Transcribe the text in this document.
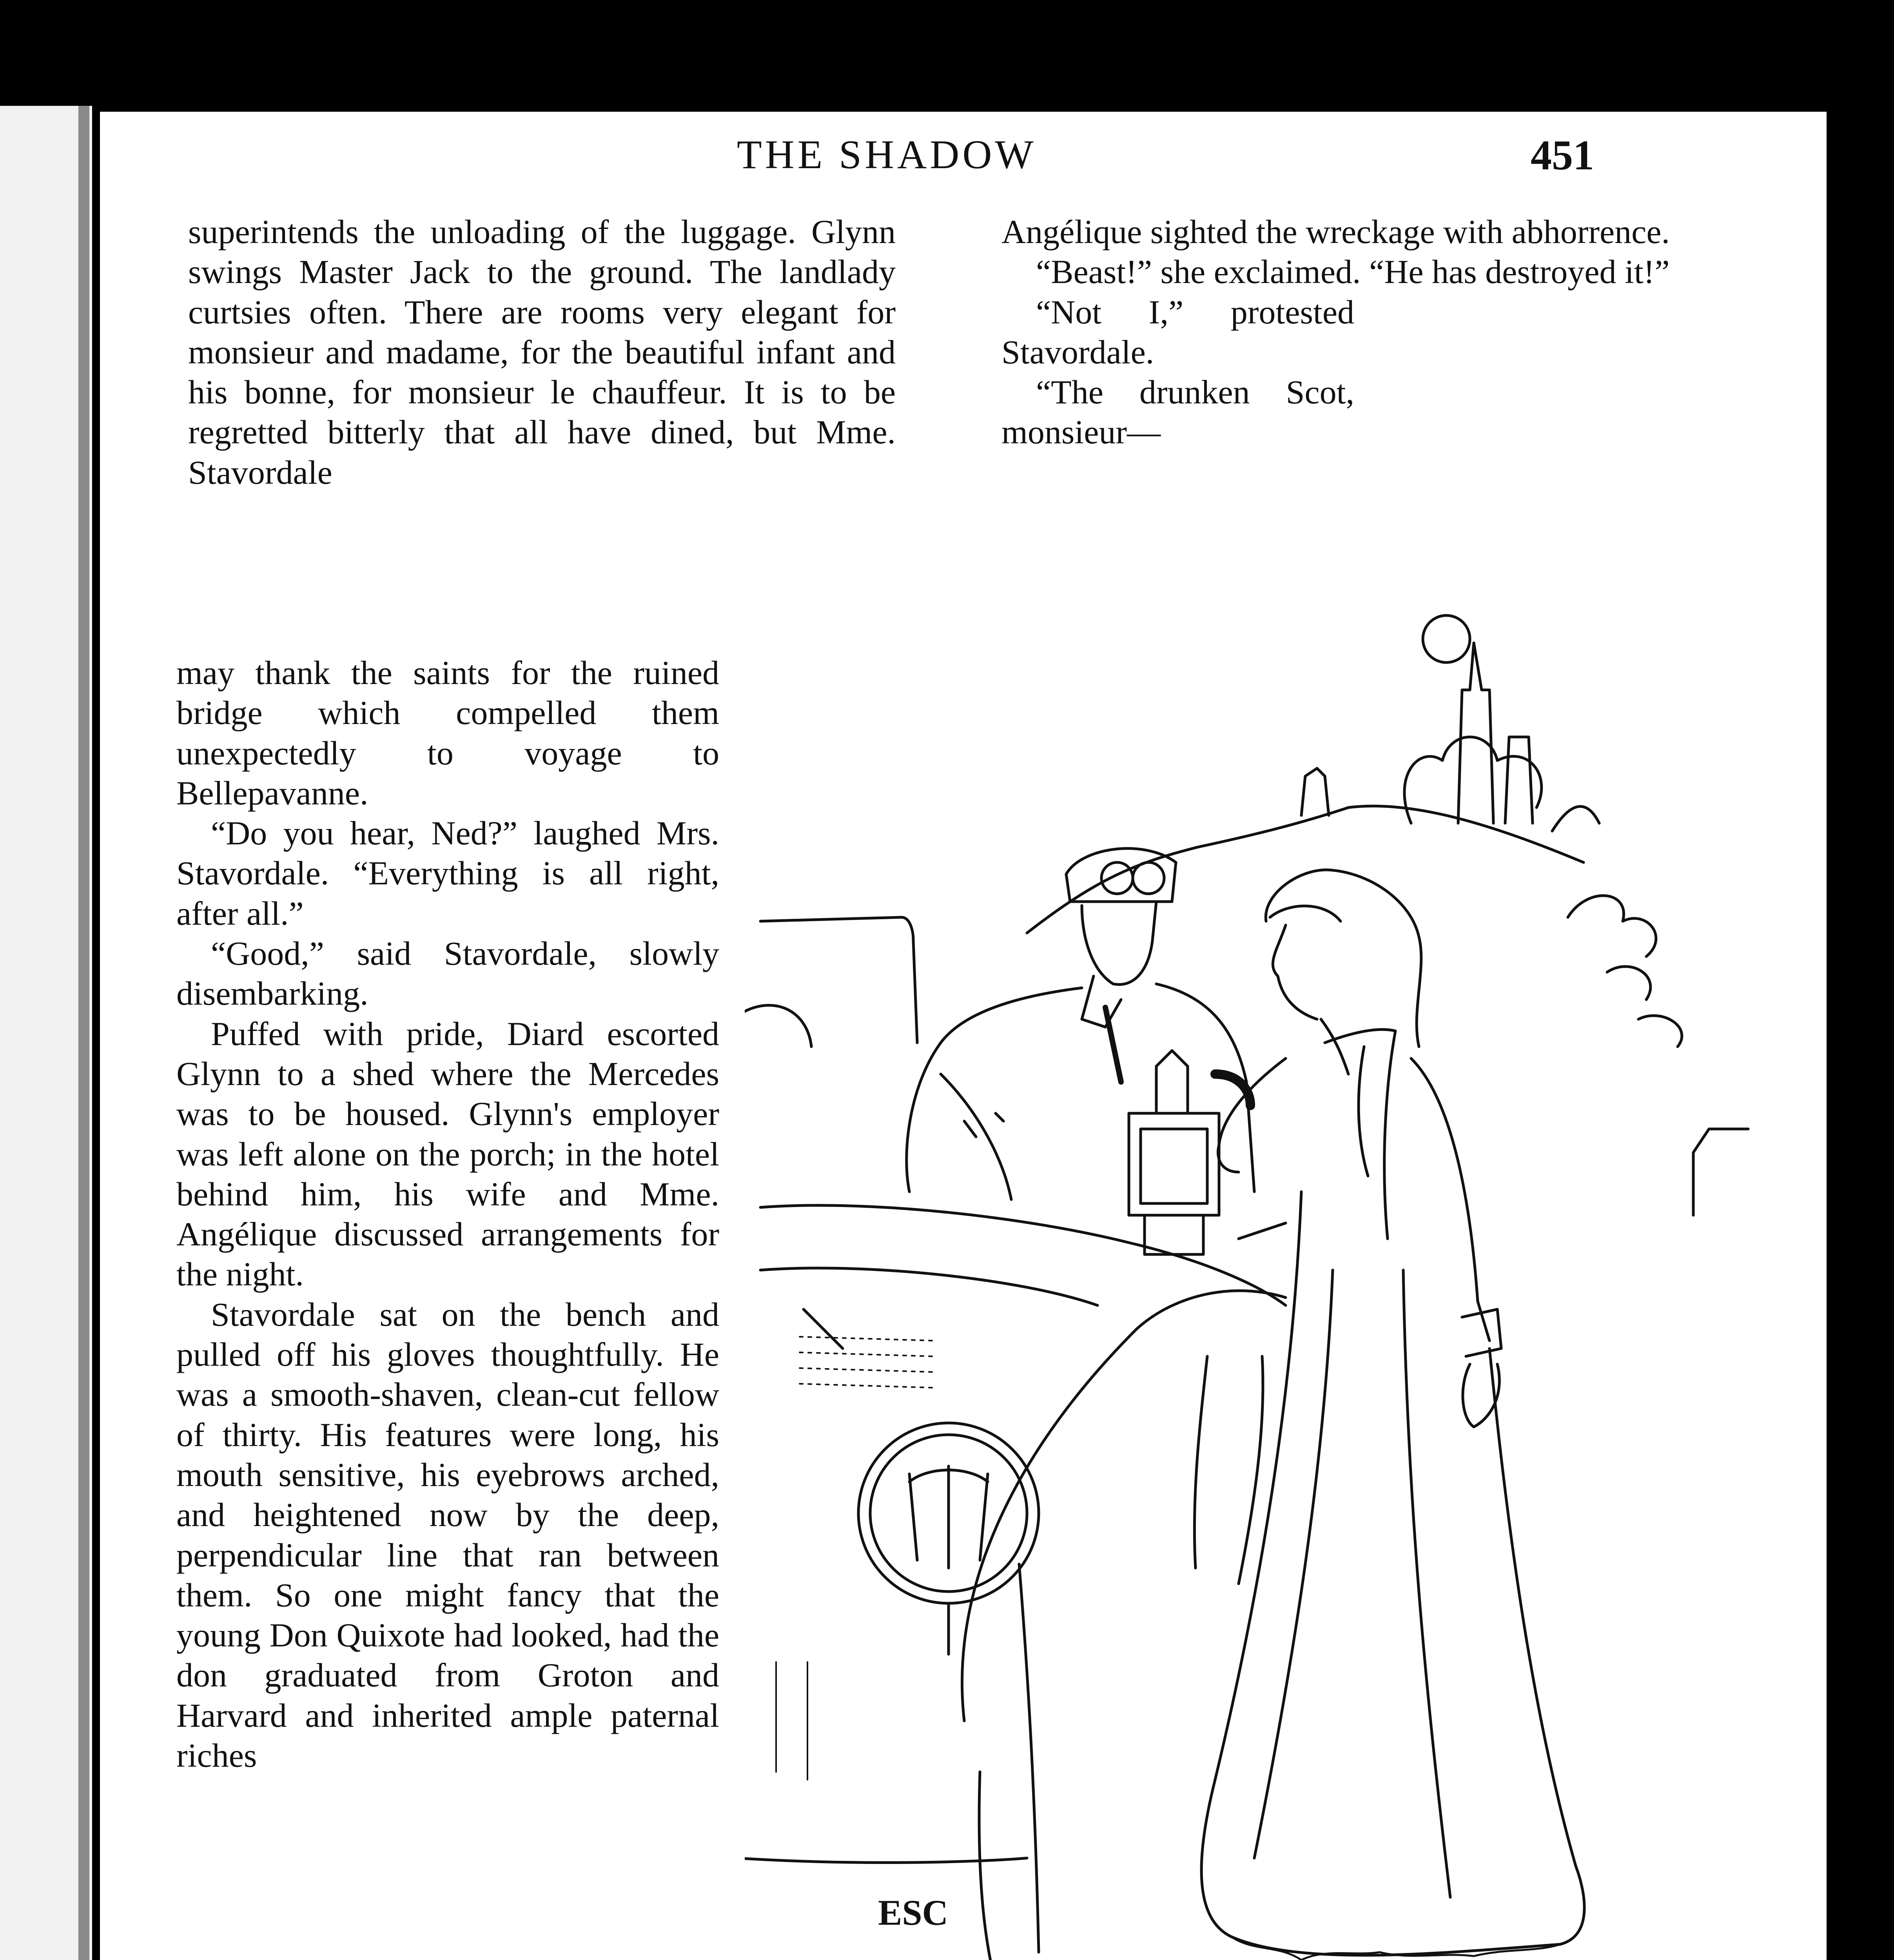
THE SHADOW	451

superintends the unloading of the luggage. Glynn swings Master Jack to the ground. The landlady curtsies often. There are rooms very elegant for monsieur and madame, for the beautiful infant and his bonne, for monsieur le chauffeur. It is to be regretted bitterly that all have dined, but Mme. Stavordale

may thank the saints for the ruined bridge which compelled them unexpectedly to voyage to Bellepavanne.

“Do you hear, Ned?” laughed Mrs. Stavordale. “Everything is all right, after all.”

“Good,” said Stavordale, slowly disembarking.

Puffed with pride, Diard escorted Glynn to a shed where the Mercedes was to be housed. Glynn's employer was left alone on the porch; in the hotel behind him, his wife and Mme. Angélique discussed arrangements for the night.

Stavordale sat on the bench and pulled off his gloves thoughtfully. He was a smooth-shaven, clean-cut fellow of thirty. His features were long, his mouth sensitive, his eyebrows arched, and heightened now by the deep, perpendicular line that ran between them. So one might fancy that the young Don Quixote had looked, had the don graduated from Groton and Harvard and inherited ample paternal riches

Angélique sighted the wreckage with abhorrence.

“Beast!” she exclaimed. “He has destroyed it!”

“Not I,” protested Stavordale.

“The drunken Scot, monsieur—

ESC
